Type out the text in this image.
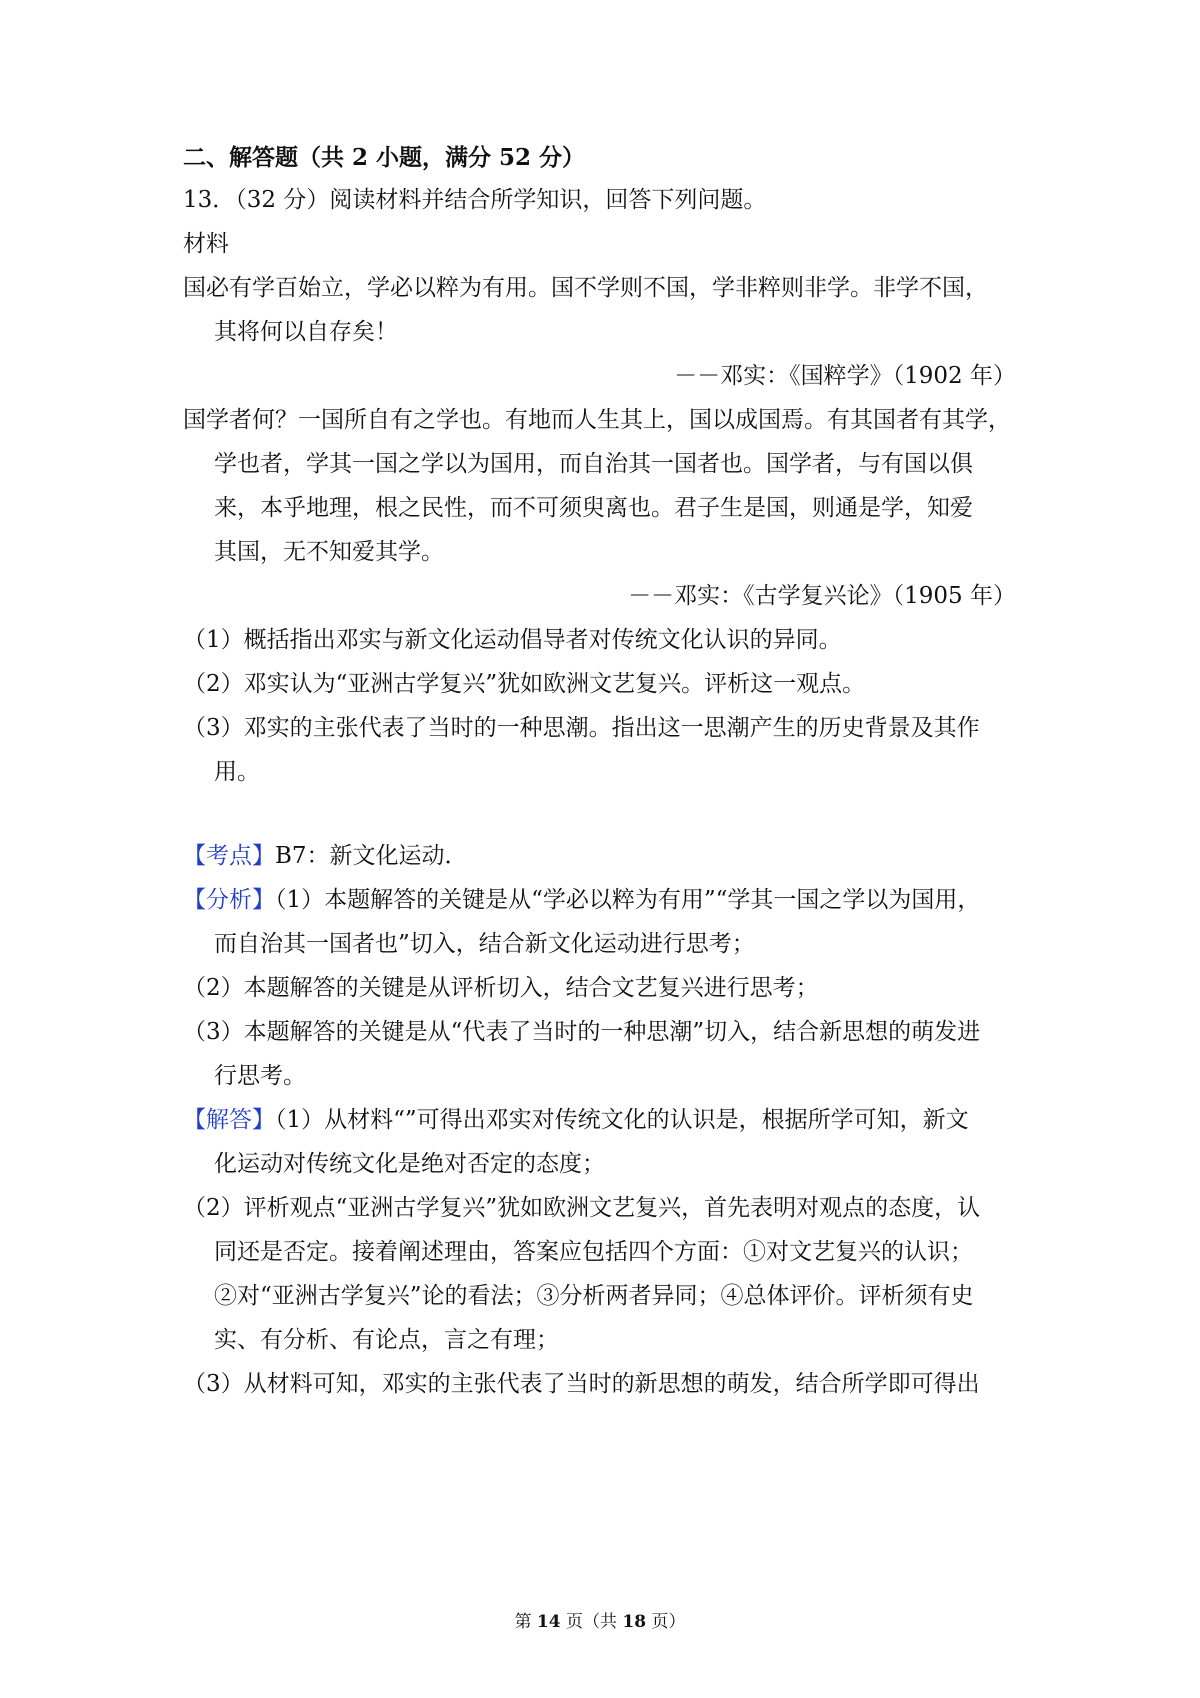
二、解答题（共 2 小题，满分 52 分）
13．（32 分）阅读材料并结合所学知识，回答下列问题。
材料
国必有学百始立，学必以粹为有用。国不学则不国，学非粹则非学。非学不国，
其将何以自存矣！
－－邓实：《国粹学》（1902 年）
国学者何？一国所自有之学也。有地而人生其上，国以成国焉。有其国者有其学，
学也者，学其一国之学以为国用，而自治其一国者也。国学者，与有国以俱
来，本乎地理，根之民性，而不可须臾离也。君子生是国，则通是学，知爱
其国，无不知爱其学。
－－邓实：《古学复兴论》（1905 年）
（1）概括指出邓实与新文化运动倡导者对传统文化认识的异同。
（2）邓实认为“亚洲古学复兴”犹如欧洲文艺复兴。评析这一观点。
（3）邓实的主张代表了当时的一种思潮。指出这一思潮产生的历史背景及其作
用。
【考点】B7：新文化运动．
【分析】（1）本题解答的关键是从“学必以粹为有用”“学其一国之学以为国用，
而自治其一国者也”切入，结合新文化运动进行思考；
（2）本题解答的关键是从评析切入，结合文艺复兴进行思考；
（3）本题解答的关键是从“代表了当时的一种思潮”切入，结合新思想的萌发进
行思考。
【解答】（1）从材料“”可得出邓实对传统文化的认识是，根据所学可知，新文
化运动对传统文化是绝对否定的态度；
（2）评析观点“亚洲古学复兴”犹如欧洲文艺复兴，首先表明对观点的态度，认
同还是否定。接着阐述理由，答案应包括四个方面：①对文艺复兴的认识；
②对“亚洲古学复兴”论的看法；③分析两者异同；④总体评价。评析须有史
实、有分析、有论点，言之有理；
（3）从材料可知，邓实的主张代表了当时的新思想的萌发，结合所学即可得出
第 14 页（共 18 页）
